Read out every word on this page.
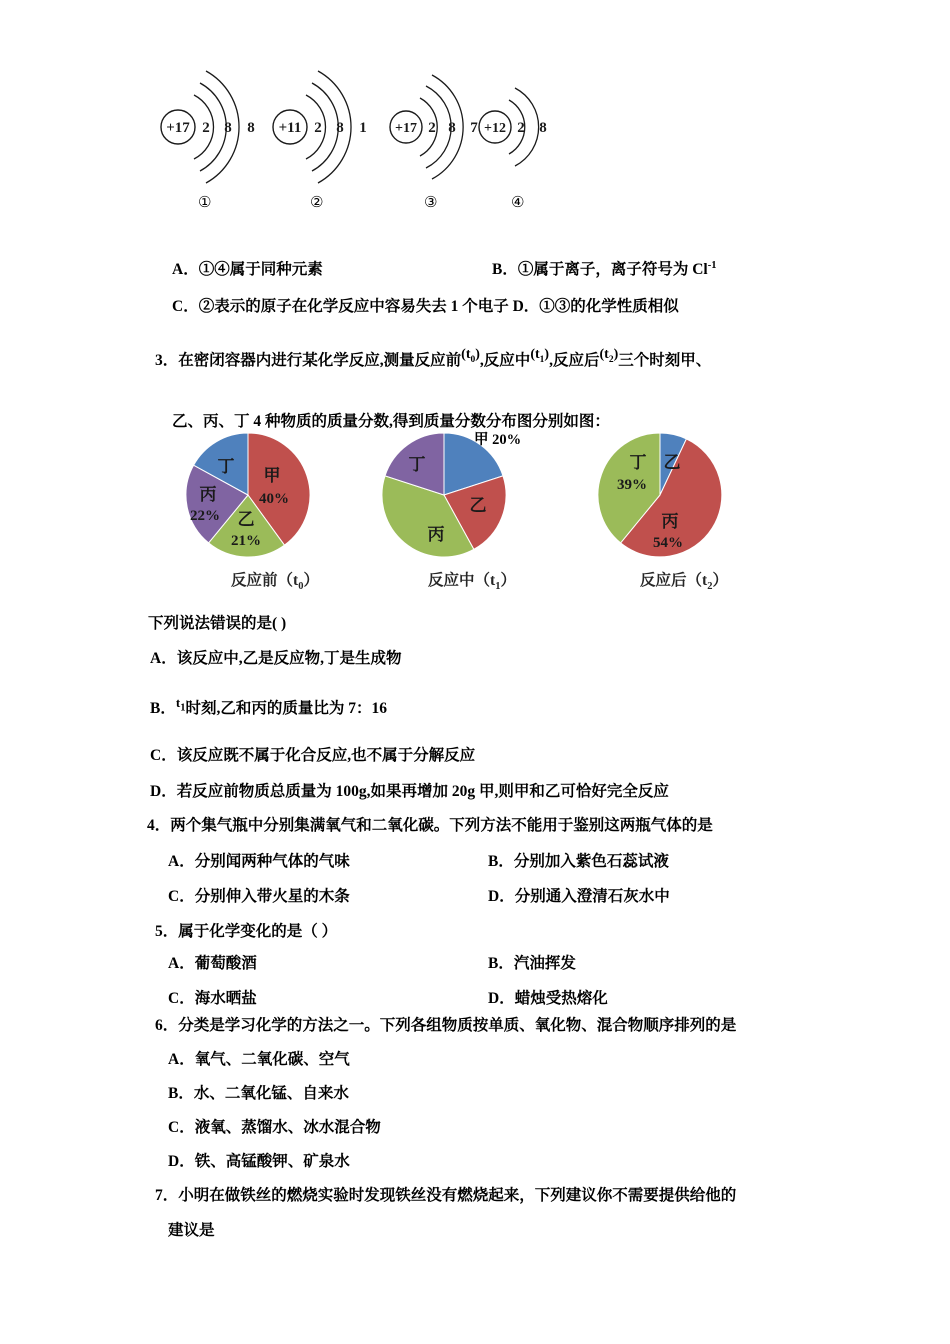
+17 2 8 8
①
+11 2 8 1
②
+17 2 8 7
③
+12 2 8
④
A．①④属于同种元素	B．①属于离子，离子符号为 $Cl^{-1}$
C．②表示的原子在化学反应中容易失去 1 个电子 D．①③的化学性质相似
3．在密闭容器内进行某化学反应,测量反应前$(t_0)$,反应中$(t_1)$,反应后$(t_2)$三个时刻甲、
乙、丙、丁 4 种物质的质量分数,得到质量分数分布图分别如图：
甲
40%
乙
21%
丙
22%
丁
反应前$(t_0)$
乙
丙
丁
甲 20%
反应中$(t_1)$
乙
丁
39%
丙
54%
反应后$(t_2)$
下列说法错误的是( )
A．该反应中,乙是反应物,丁是生成物
B．$^{t_1}$时刻,乙和丙的质量比为 7：16
C．该反应既不属于化合反应,也不属于分解反应
D．若反应前物质总质量为 100g,如果再增加 20g 甲,则甲和乙可恰好完全反应
4．两个集气瓶中分别集满氧气和二氧化碳。下列方法不能用于鉴别这两瓶气体的是
A．分别闻两种气体的气味	B．分别加入紫色石蕊试液
C．分别伸入带火星的木条	D．分别通入澄清石灰水中
5．属于化学变化的是（ ）
A．葡萄酸酒	B．汽油挥发
C．海水晒盐	D．蜡烛受热熔化
6．分类是学习化学的方法之一。下列各组物质按单质、氧化物、混合物顺序排列的是
A．氧气、二氧化碳、空气
B．水、二氧化锰、自来水
C．液氧、蒸馏水、冰水混合物
D．铁、高锰酸钾、矿泉水
7．小明在做铁丝的燃烧实验时发现铁丝没有燃烧起来，下列建议你不需要提供给他的
建议是
